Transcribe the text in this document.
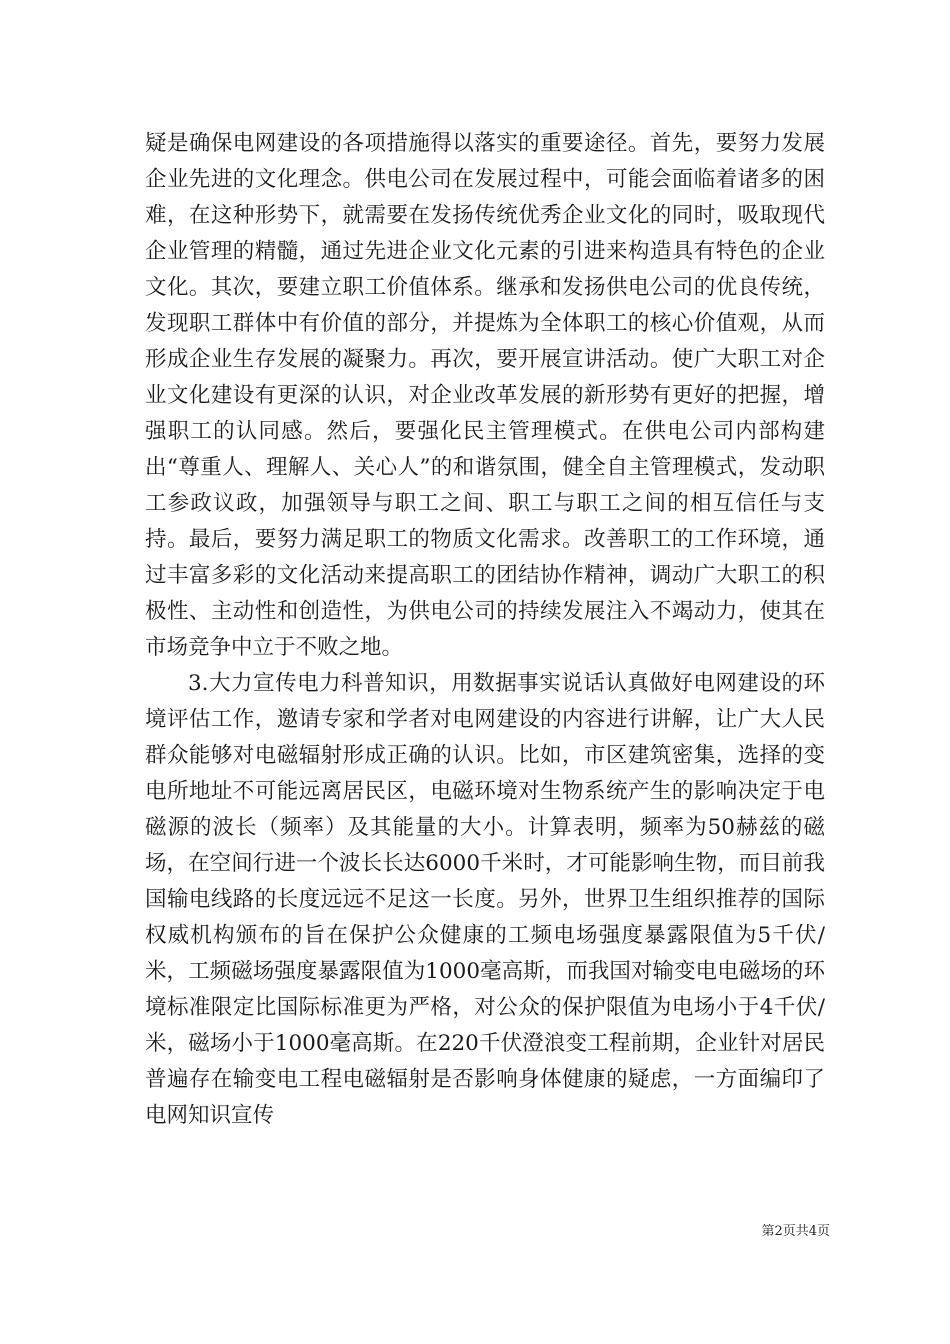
疑是确保电网建设的各项措施得以落实的重要途径。首先，要努力发展企业先进的文化理念。供电公司在发展过程中，可能会面临着诸多的困难，在这种形势下，就需要在发扬传统优秀企业文化的同时，吸取现代企业管理的精髓，通过先进企业文化元素的引进来构造具有特色的企业文化。其次，要建立职工价值体系。继承和发扬供电公司的优良传统，发现职工群体中有价值的部分，并提炼为全体职工的核心价值观，从而形成企业生存发展的凝聚力。再次，要开展宣讲活动。使广大职工对企业文化建设有更深的认识，对企业改革发展的新形势有更好的把握，增强职工的认同感。然后，要强化民主管理模式。在供电公司内部构建出“尊重人、理解人、关心人”的和谐氛围，健全自主管理模式，发动职工参政议政，加强领导与职工之间、职工与职工之间的相互信任与支持。最后，要努力满足职工的物质文化需求。改善职工的工作环境，通过丰富多彩的文化活动来提高职工的团结协作精神，调动广大职工的积极性、主动性和创造性，为供电公司的持续发展注入不竭动力，使其在市场竞争中立于不败之地。

3.大力宣传电力科普知识，用数据事实说话认真做好电网建设的环境评估工作，邀请专家和学者对电网建设的内容进行讲解，让广大人民群众能够对电磁辐射形成正确的认识。比如，市区建筑密集，选择的变电所地址不可能远离居民区，电磁环境对生物系统产生的影响决定于电磁源的波长（频率）及其能量的大小。计算表明，频率为50赫兹的磁场，在空间行进一个波长长达6000千米时，才可能影响生物，而目前我国输电线路的长度远远不足这一长度。另外，世界卫生组织推荐的国际权威机构颁布的旨在保护公众健康的工频电场强度暴露限值为5千伏/米，工频磁场强度暴露限值为1000毫高斯，而我国对输变电电磁场的环境标准限定比国际标准更为严格，对公众的保护限值为电场小于4千伏/米，磁场小于1000毫高斯。在220千伏澄浪变工程前期，企业针对居民普遍存在输变电工程电磁辐射是否影响身体健康的疑虑，一方面编印了电网知识宣传

第2页共4页
